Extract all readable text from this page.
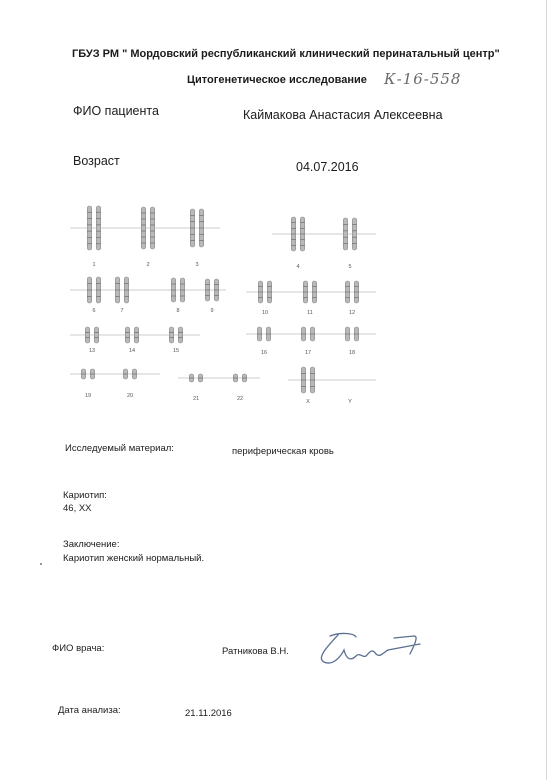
ГБУЗ РМ " Мордовский республиканский клинический перинатальный центр"
Цитогенетическое исследование К-16-558
ФИО пациента	Каймакова Анастасия Алексеевна
Возраст	04.07.2016
1	2	3	4	5
6	7	8	9	10	11	12
13	14	15	16	17	18
19	20	21	22	X	Y
Исследуемый материал:	периферическая кровь
Кариотип:
46, XX
Заключение:
Кариотип женский нормальный.
ФИО врача:	Ратникова В.Н.
Дата анализа:	21.11.2016
